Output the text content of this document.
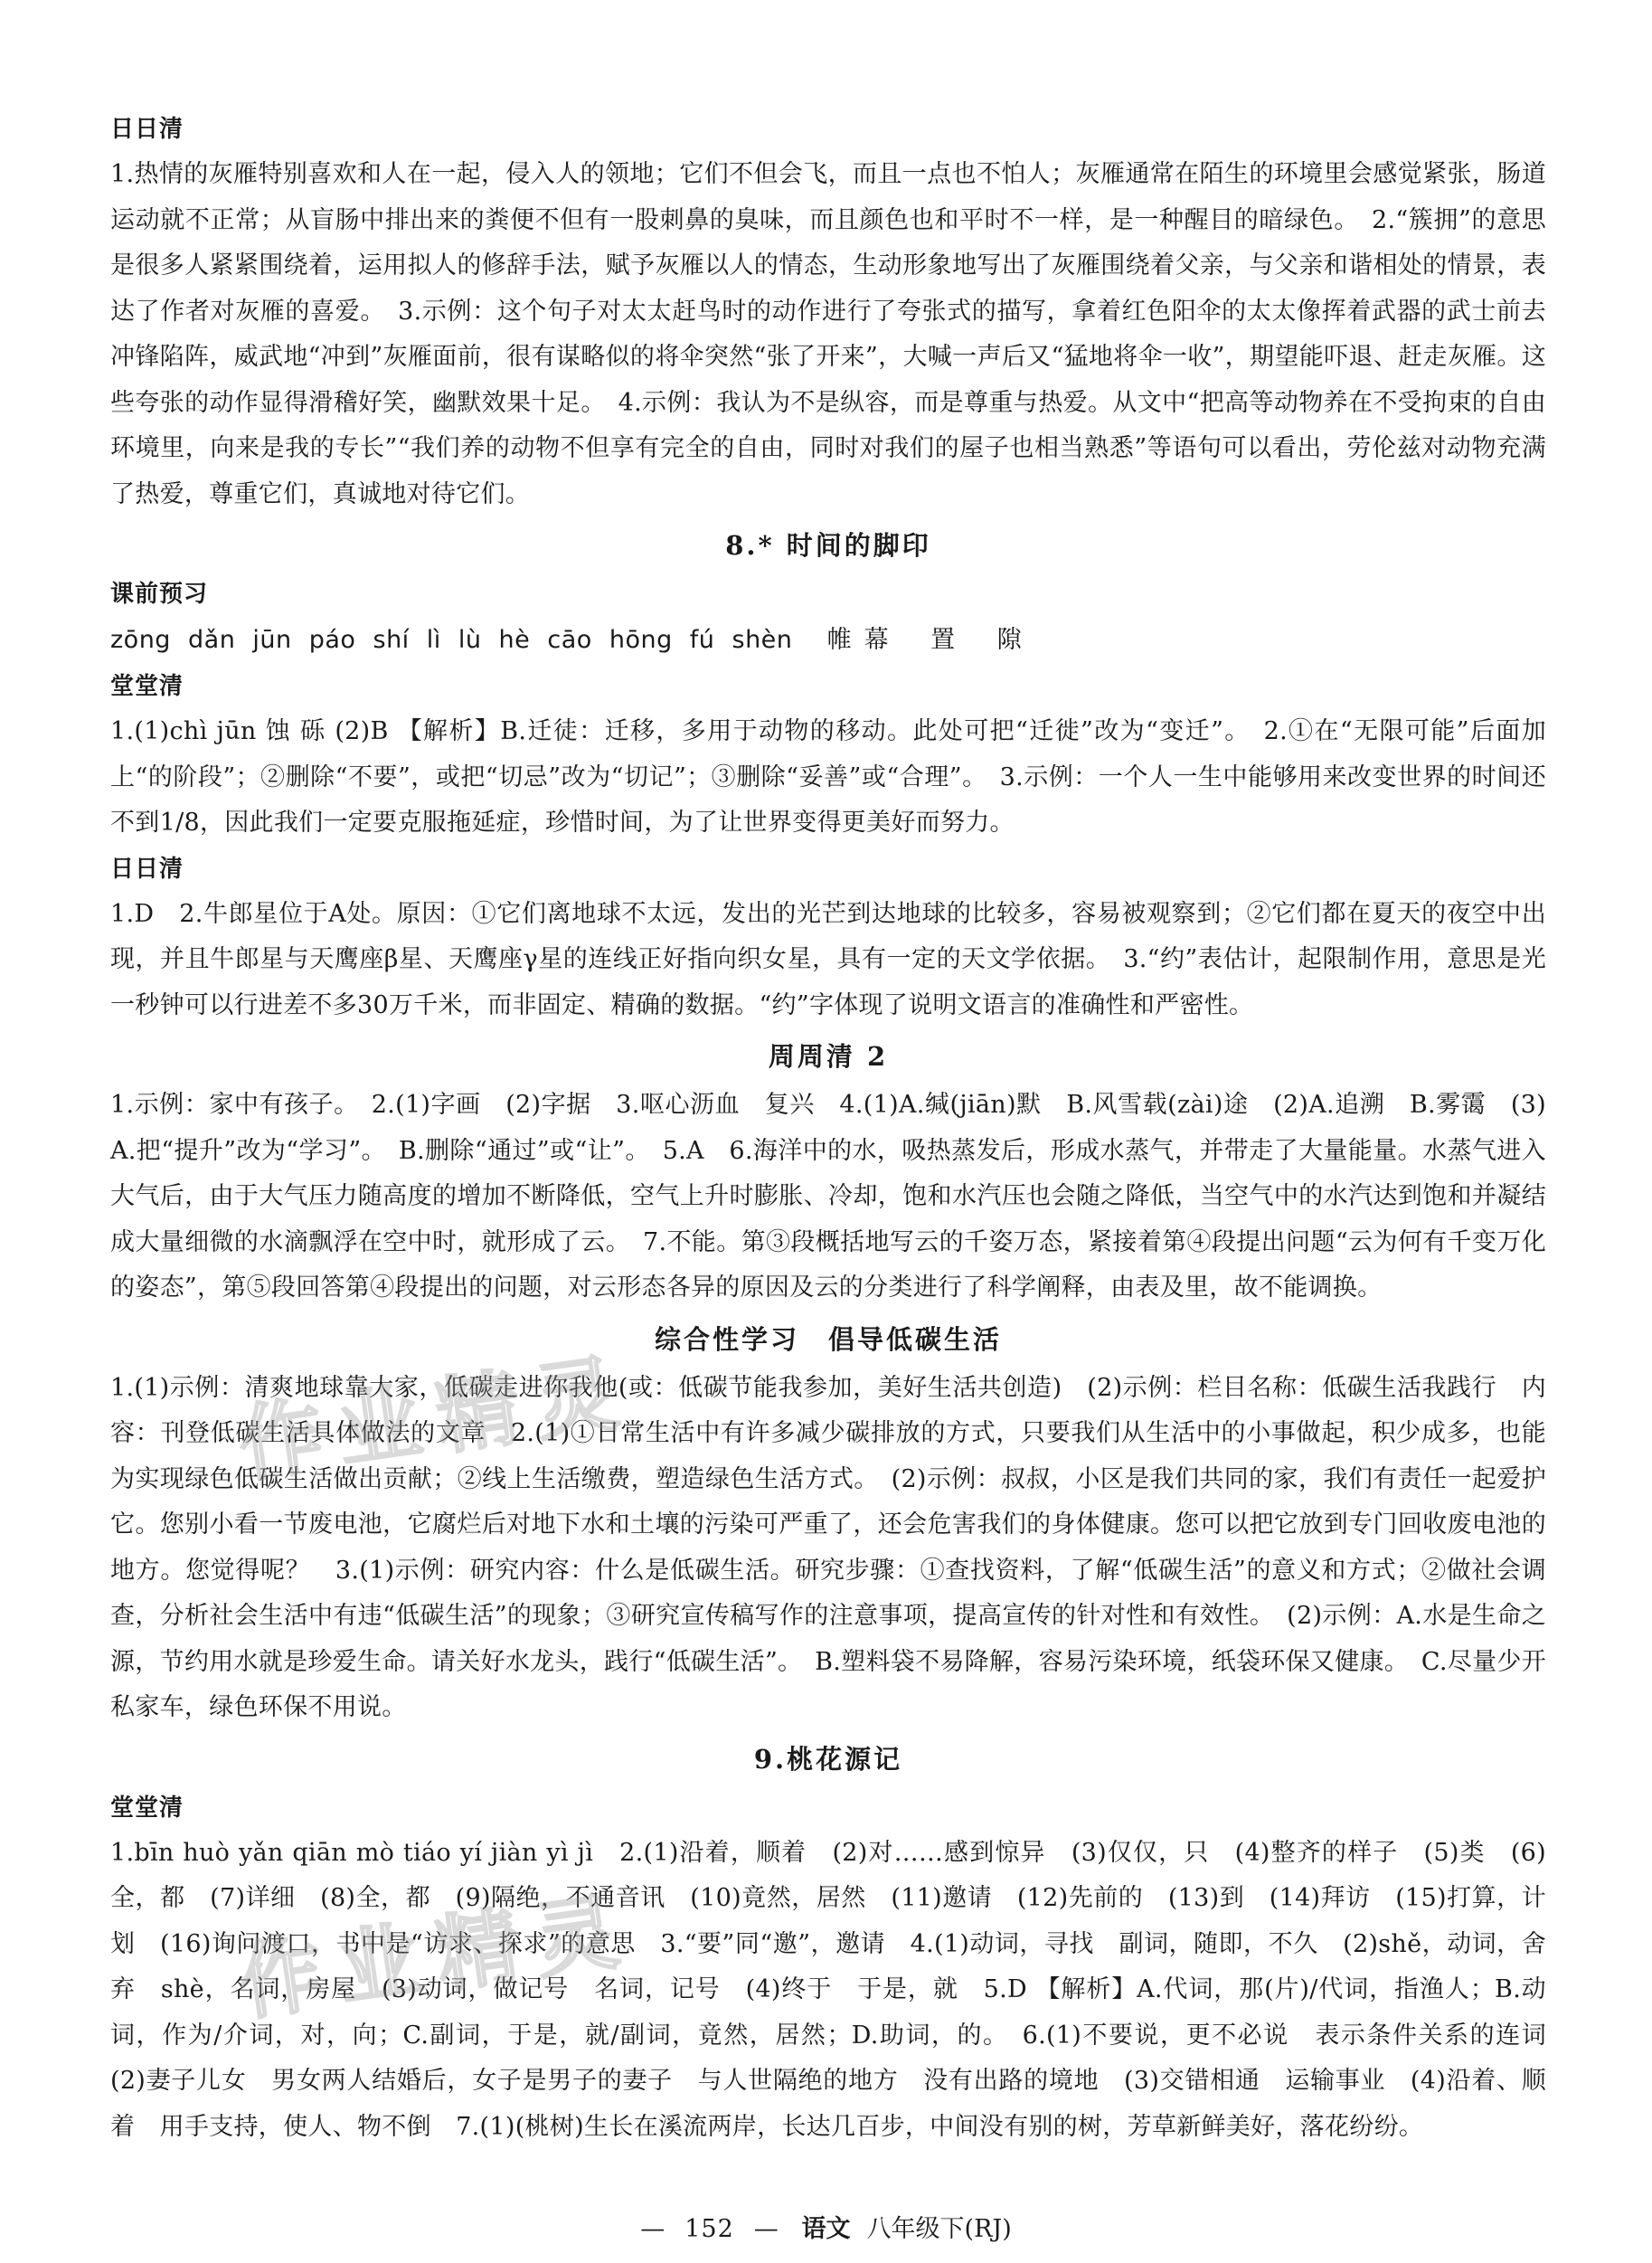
日日清

1.热情的灰雁特别喜欢和人在一起，侵入人的领地；它们不但会飞，而且一点也不怕人；灰雁通常在陌生的环境里会感觉紧张，肠道运动就不正常；从盲肠中排出来的粪便不但有一股刺鼻的臭味，而且颜色也和平时不一样，是一种醒目的暗绿色。　2.“簇拥”的意思是很多人紧紧围绕着，运用拟人的修辞手法，赋予灰雁以人的情态，生动形象地写出了灰雁围绕着父亲，与父亲和谐相处的情景，表达了作者对灰雁的喜爱。　3.示例：这个句子对太太赶鸟时的动作进行了夸张式的描写，拿着红色阳伞的太太像挥着武器的武士前去冲锋陷阵，威武地“冲到”灰雁面前，很有谋略似的将伞突然“张了开来”，大喊一声后又“猛地将伞一收”，期望能吓退、赶走灰雁。这些夸张的动作显得滑稽好笑，幽默效果十足。　4.示例：我认为不是纵容，而是尊重与热爱。从文中“把高等动物养在不受拘束的自由环境里，向来是我的专长”“我们养的动物不但享有完全的自由，同时对我们的屋子也相当熟悉”等语句可以看出，劳伦兹对动物充满了热爱，尊重它们，真诚地对待它们。

8.* 时间的脚印

课前预习

zōng dǎn jūn páo shí lì lù hè cāo hōng fú shèn 帷幕 置 隙

堂堂清

1.(1)chì jūn 蚀 砾 (2)B 【解析】B.迁徒：迁移，多用于动物的移动。此处可把“迁徙”改为“变迁”。　2.①在“无限可能”后面加上“的阶段”；②删除“不要”，或把“切忌”改为“切记”；③删除“妥善”或“合理”。　3.示例：一个人一生中能够用来改变世界的时间还不到1/8，因此我们一定要克服拖延症，珍惜时间，为了让世界变得更美好而努力。

日日清

1.D　2.牛郎星位于A处。原因：①它们离地球不太远，发出的光芒到达地球的比较多，容易被观察到；②它们都在夏天的夜空中出现，并且牛郎星与天鹰座β星、天鹰座γ星的连线正好指向织女星，具有一定的天文学依据。　3.“约”表估计，起限制作用，意思是光一秒钟可以行进差不多30万千米，而非固定、精确的数据。“约”字体现了说明文语言的准确性和严密性。

周周清 2

1.示例：家中有孩子。　2.(1)字画　(2)字据　3.呕心沥血　复兴　4.(1)A.缄(jiān)默　B.风雪载(zài)途　(2)A.追溯　B.雾霭　(3)A.把“提升”改为“学习”。　B.删除“通过”或“让”。　5.A　6.海洋中的水，吸热蒸发后，形成水蒸气，并带走了大量能量。水蒸气进入大气后，由于大气压力随高度的增加不断降低，空气上升时膨胀、冷却，饱和水汽压也会随之降低，当空气中的水汽达到饱和并凝结成大量细微的水滴飘浮在空中时，就形成了云。　7.不能。第③段概括地写云的千姿万态，紧接着第④段提出问题“云为何有千变万化的姿态”，第⑤段回答第④段提出的问题，对云形态各异的原因及云的分类进行了科学阐释，由表及里，故不能调换。

综合性学习　倡导低碳生活

1.(1)示例：清爽地球靠大家，低碳走进你我他(或：低碳节能我参加，美好生活共创造)　(2)示例：栏目名称：低碳生活我践行　内容：刊登低碳生活具体做法的文章　2.(1)①日常生活中有许多减少碳排放的方式，只要我们从生活中的小事做起，积少成多，也能为实现绿色低碳生活做出贡献；②线上生活缴费，塑造绿色生活方式。　(2)示例：叔叔，小区是我们共同的家，我们有责任一起爱护它。您别小看一节废电池，它腐烂后对地下水和土壤的污染可严重了，还会危害我们的身体健康。您可以把它放到专门回收废电池的地方。您觉得呢？　3.(1)示例：研究内容：什么是低碳生活。研究步骤：①查找资料，了解“低碳生活”的意义和方式；②做社会调查，分析社会生活中有违“低碳生活”的现象；③研究宣传稿写作的注意事项，提高宣传的针对性和有效性。　(2)示例：A.水是生命之源，节约用水就是珍爱生命。请关好水龙头，践行“低碳生活”。　B.塑料袋不易降解，容易污染环境，纸袋环保又健康。　C.尽量少开私家车，绿色环保不用说。

9.桃花源记

堂堂清

1.bīn huò yǎn qiān mò tiáo yí jiàn yì jì　2.(1)沿着，顺着　(2)对……感到惊异　(3)仅仅，只　(4)整齐的样子　(5)类　(6)全，都　(7)详细　(8)全，都　(9)隔绝，不通音讯　(10)竟然，居然　(11)邀请　(12)先前的　(13)到　(14)拜访　(15)打算，计划　(16)询问渡口，书中是“访求、探求”的意思　3.“要”同“邀”，邀请　4.(1)动词，寻找　副词，随即，不久　(2)shě，动词，舍弃　shè，名词，房屋　(3)动词，做记号　名词，记号　(4)终于　于是，就　5.D 【解析】A.代词，那(片)/代词，指渔人；B.动词，作为/介词，对，向；C.副词，于是，就/副词，竟然，居然；D.助词，的。　6.(1)不要说，更不必说　表示条件关系的连词　(2)妻子儿女　男女两人结婚后，女子是男子的妻子　与人世隔绝的地方　没有出路的境地　(3)交错相通　运输事业　(4)沿着、顺着　用手支持，使人、物不倒　7.(1)(桃树)生长在溪流两岸，长达几百步，中间没有别的树，芳草新鲜美好，落花纷纷。

作业精灵
作业精灵
— 152 — 语文 八年级下(RJ)
